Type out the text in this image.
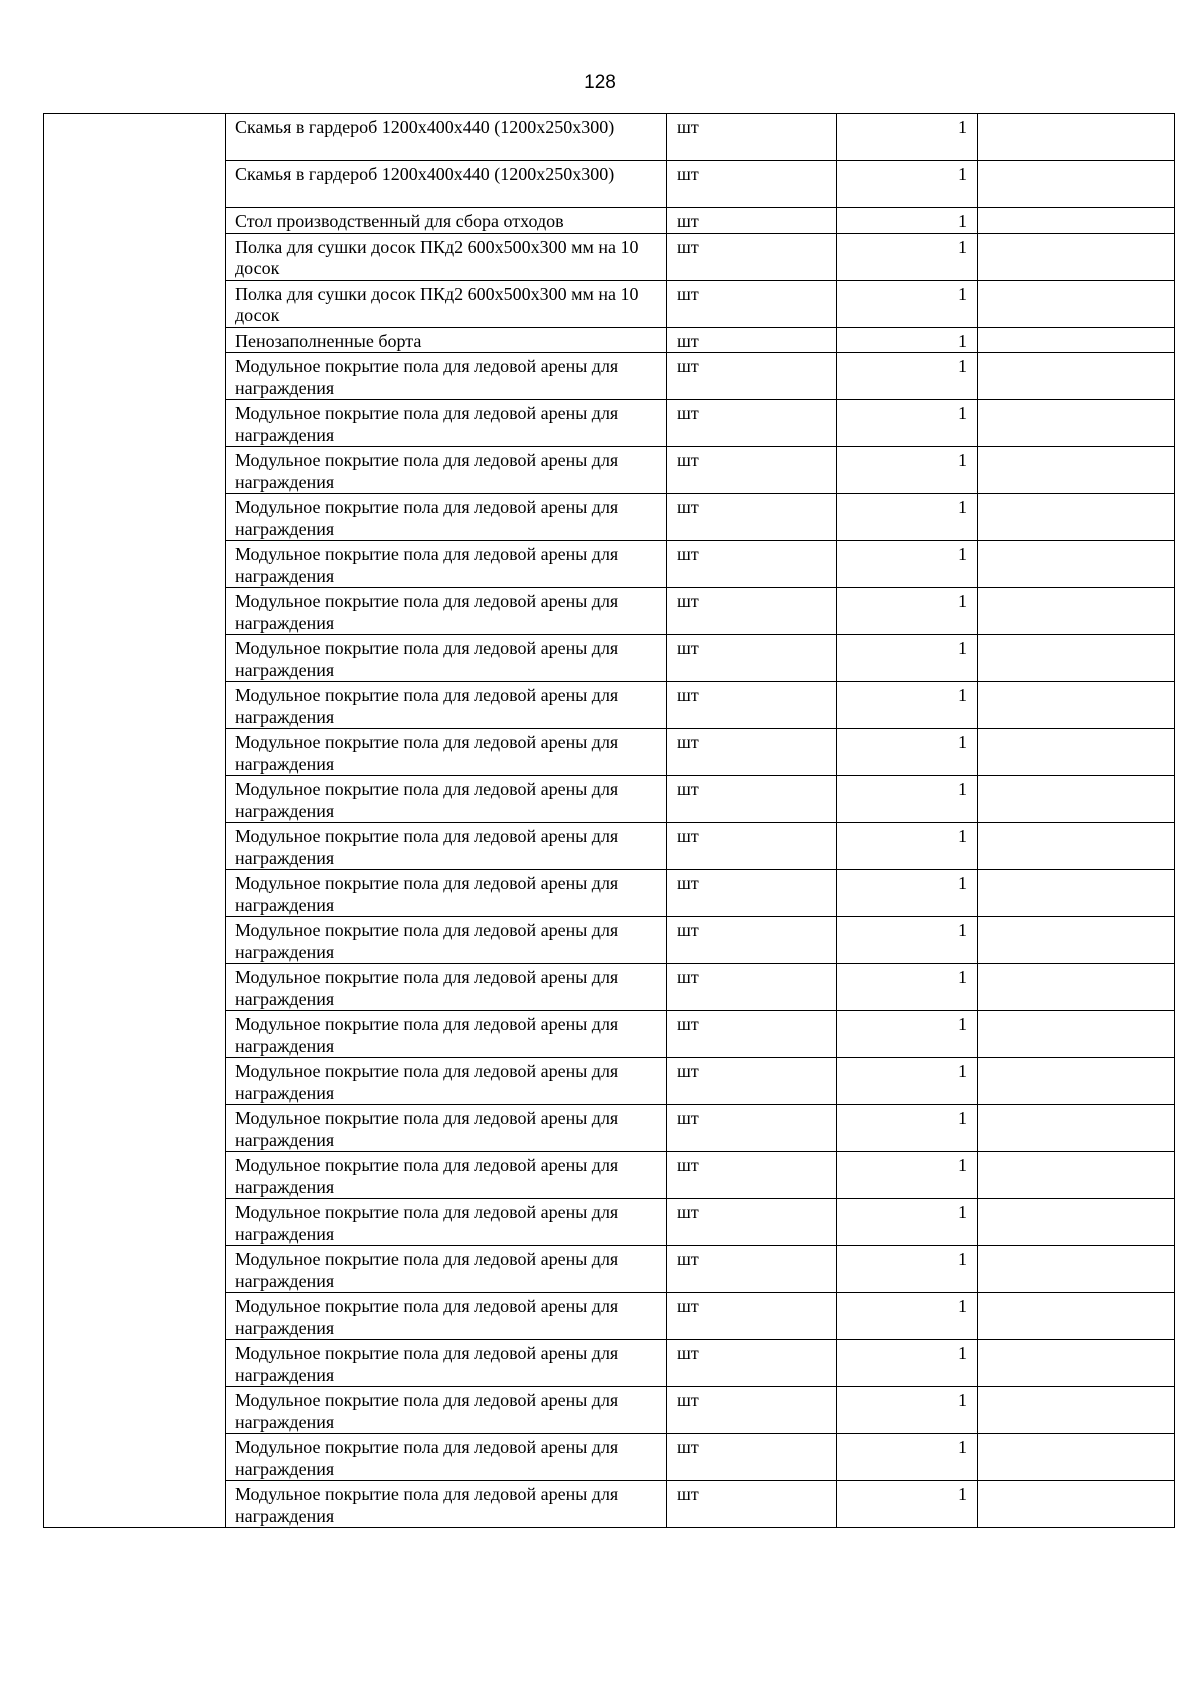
128
	Скамья в гардероб 1200х400х440 (1200х250х300)	шт	1	
	Скамья в гардероб 1200х400х440 (1200х250х300)	шт	1	
	Стол производственный для сбора отходов	шт	1	
	Полка для сушки досок ПКд2 600х500х300 мм на 10 досок	шт	1	
	Полка для сушки досок ПКд2 600х500х300 мм на 10 досок	шт	1	
	Пенозаполненные борта	шт	1	
	Модульное покрытие пола для ледовой арены для награждения	шт	1	
	Модульное покрытие пола для ледовой арены для награждения	шт	1	
	Модульное покрытие пола для ледовой арены для награждения	шт	1	
	Модульное покрытие пола для ледовой арены для награждения	шт	1	
	Модульное покрытие пола для ледовой арены для награждения	шт	1	
	Модульное покрытие пола для ледовой арены для награждения	шт	1	
	Модульное покрытие пола для ледовой арены для награждения	шт	1	
	Модульное покрытие пола для ледовой арены для награждения	шт	1	
	Модульное покрытие пола для ледовой арены для награждения	шт	1	
	Модульное покрытие пола для ледовой арены для награждения	шт	1	
	Модульное покрытие пола для ледовой арены для награждения	шт	1	
	Модульное покрытие пола для ледовой арены для награждения	шт	1	
	Модульное покрытие пола для ледовой арены для награждения	шт	1	
	Модульное покрытие пола для ледовой арены для награждения	шт	1	
	Модульное покрытие пола для ледовой арены для награждения	шт	1	
	Модульное покрытие пола для ледовой арены для награждения	шт	1	
	Модульное покрытие пола для ледовой арены для награждения	шт	1	
	Модульное покрытие пола для ледовой арены для награждения	шт	1	
	Модульное покрытие пола для ледовой арены для награждения	шт	1	
	Модульное покрытие пола для ледовой арены для награждения	шт	1	
	Модульное покрытие пола для ледовой арены для награждения	шт	1	
	Модульное покрытие пола для ледовой арены для награждения	шт	1	
	Модульное покрытие пола для ледовой арены для награждения	шт	1	
	Модульное покрытие пола для ледовой арены для награждения	шт	1	
	Модульное покрытие пола для ледовой арены для награждения	шт	1	
